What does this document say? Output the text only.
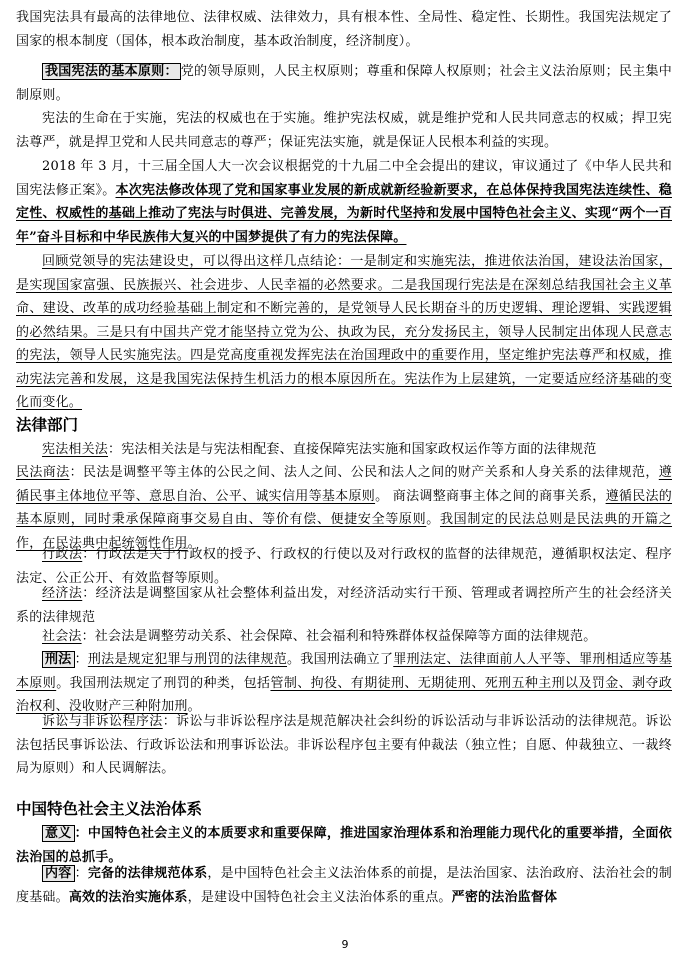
我国宪法具有最高的法律地位、法律权威、法律效力，具有根本性、全局性、稳定性、长期性。我国宪法规定了国家的根本制度（国体，根本政治制度，基本政治制度，经济制度）。
我国宪法的基本原则： 党的领导原则，人民主权原则；尊重和保障人权原则；社会主义法治原则；民主集中制原则。
宪法的生命在于实施，宪法的权威也在于实施。维护宪法权威，就是维护党和人民共同意志的权威；捍卫宪法尊严，就是捍卫党和人民共同意志的尊严；保证宪法实施，就是保证人民根本利益的实现。
2018 年 3 月，十三届全国人大一次会议根据党的十九届二中全会提出的建议，审议通过了《中华人民共和国宪法修正案》。本次宪法修改体现了党和国家事业发展的新成就新经验新要求，在总体保持我国宪法连续性、稳定性、权威性的基础上推动了宪法与时俱进、完善发展，为新时代坚持和发展中国特色社会主义、实现“两个一百年”奋斗目标和中华民族伟大复兴的中国梦提供了有力的宪法保障。
回顾党领导的宪法建设史，可以得出这样几点结论：一是制定和实施宪法，推进依法治国，建设法治国家，是实现国家富强、民族振兴、社会进步、人民幸福的必然要求。二是我国现行宪法是在深刻总结我国社会主义革命、建设、改革的成功经验基础上制定和不断完善的，是党领导人民长期奋斗的历史逻辑、理论逻辑、实践逻辑的必然结果。三是只有中国共产党才能坚持立党为公、执政为民，充分发扬民主，领导人民制定出体现人民意志的宪法，领导人民实施宪法。四是党高度重视发挥宪法在治国理政中的重要作用，坚定维护宪法尊严和权威，推动宪法完善和发展，这是我国宪法保持生机活力的根本原因所在。宪法作为上层建筑，一定要适应经济基础的变化而变化。
法律部门
宪法相关法：宪法相关法是与宪法相配套、直接保障宪法实施和国家政权运作等方面的法律规范
民法商法：民法是调整平等主体的公民之间、法人之间、公民和法人之间的财产关系和人身关系的法律规范，遵循民事主体地位平等、意思自治、公平、诚实信用等基本原则。 商法调整商事主体之间的商事关系，遵循民法的基本原则，同时秉承保障商事交易自由、等价有偿、便捷安全等原则。我国制定的民法总则是民法典的开篇之作，在民法典中起统领性作用。
行政法：行政法是关于行政权的授予、行政权的行使以及对行政权的监督的法律规范，遵循职权法定、程序法定、公正公开、有效监督等原则。
经济法：经济法是调整国家从社会整体利益出发，对经济活动实行干预、管理或者调控所产生的社会经济关系的法律规范
社会法：社会法是调整劳动关系、社会保障、社会福利和特殊群体权益保障等方面的法律规范。
刑法 ：刑法是规定犯罪与刑罚的法律规范。我国刑法确立了罪刑法定、法律面前人人平等、罪刑相适应等基本原则。我国刑法规定了刑罚的种类，包括管制、拘役、有期徒刑、无期徒刑、死刑五种主刑以及罚金、剥夺政治权利、没收财产三种附加刑。
诉讼与非诉讼程序法：诉讼与非诉讼程序法是规范解决社会纠纷的诉讼活动与非诉讼活动的法律规范。诉讼法包括民事诉讼法、行政诉讼法和刑事诉讼法。非诉讼程序包主要有仲裁法（独立性；自愿、仲裁独立、一裁终局为原则）和人民调解法。
中国特色社会主义法治体系
意义 ：中国特色社会主义的本质要求和重要保障，推进国家治理体系和治理能力现代化的重要举措，全面依法治国的总抓手。
内容 ：完备的法律规范体系，是中国特色社会主义法治体系的前提，是法治国家、法治政府、法治社会的制度基础。高效的法治实施体系，是建设中国特色社会主义法治体系的重点。严密的法治监督体
9
